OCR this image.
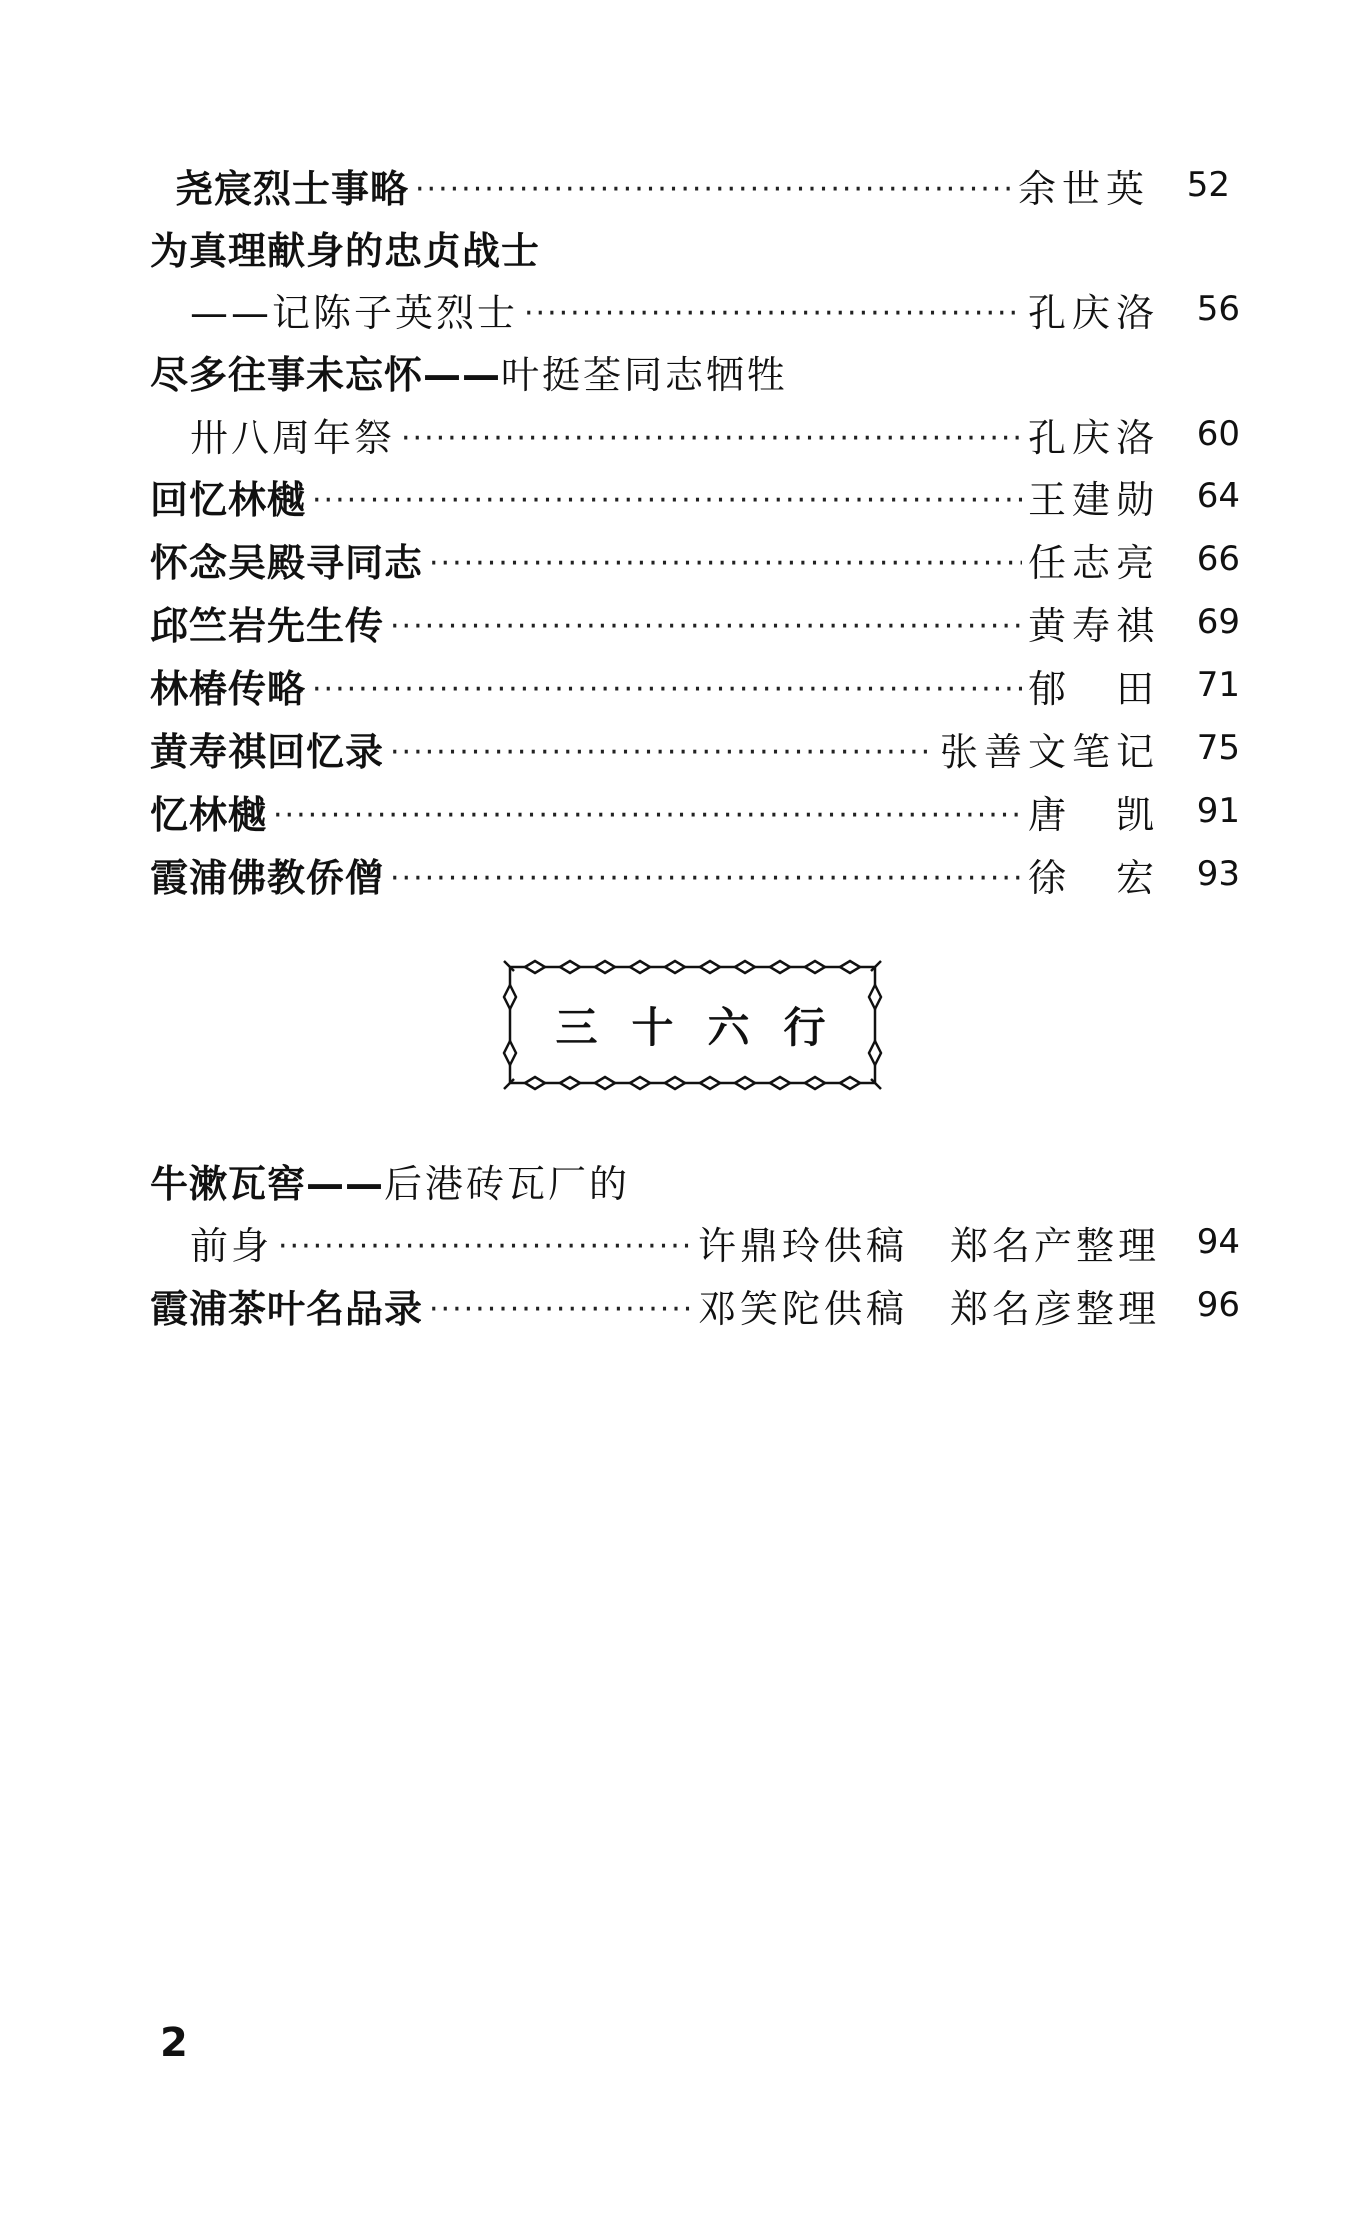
尧宸烈士事略 ·····	余世英	52
为真理献身的忠贞战士
——记陈子英烈士 ·····	孔庆洛	56
尽多往事未忘怀—— 叶挺荃同志牺牲
卅八周年祭 ·····	孔庆洛	60
回忆林樾 ·····	王建勋	64
怀念吴殿寻同志 ·····	任志亮	66
邱竺岩先生传 ·····	黄寿祺	69
林椿传略 ·····	郁　田	71
黄寿祺回忆录 ·····	张善文笔记	75
忆林樾 ·····	唐　凯	91
霞浦佛教侨僧 ·····	徐　宏	93
三十六行
牛漱瓦窖—— 后港砖瓦厂的
前身 ·····	许鼎玲供稿　郑名产整理	94
霞浦茶叶名品录 ·····	邓笑陀供稿　郑名彦整理	96
2
